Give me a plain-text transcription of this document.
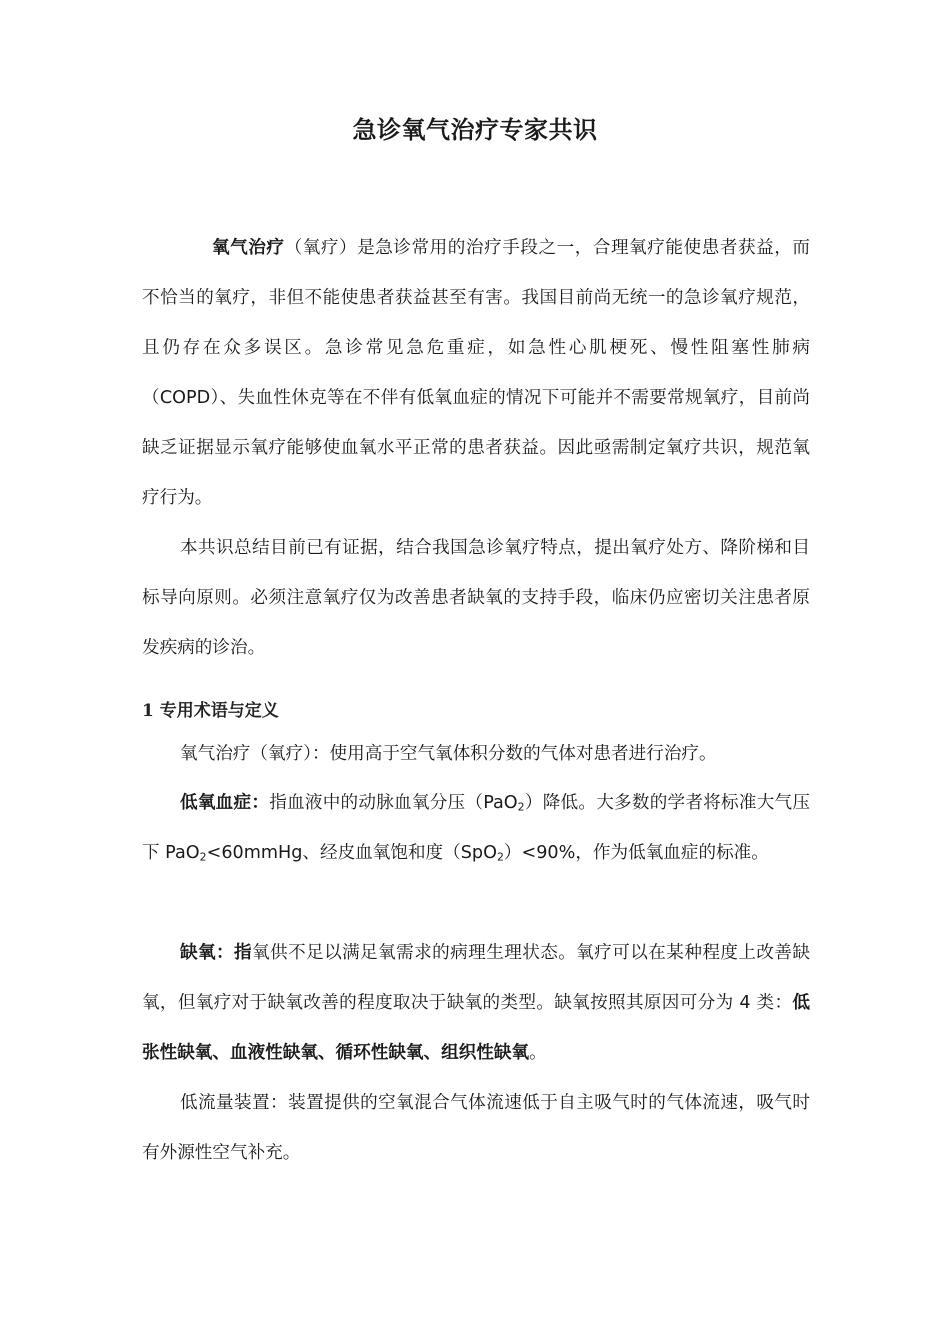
急诊氧气治疗专家共识

氧气治疗（氧疗）是急诊常用的治疗手段之一，合理氧疗能使患者获益，而不恰当的氧疗，非但不能使患者获益甚至有害。我国目前尚无统一的急诊氧疗规范，且仍存在众多误区。急诊常见急危重症，如急性心肌梗死、慢性阻塞性肺病（COPD）、失血性休克等在不伴有低氧血症的情况下可能并不需要常规氧疗，目前尚缺乏证据显示氧疗能够使血氧水平正常的患者获益。因此亟需制定氧疗共识，规范氧疗行为。

本共识总结目前已有证据，结合我国急诊氧疗特点，提出氧疗处方、降阶梯和目标导向原则。必须注意氧疗仅为改善患者缺氧的支持手段，临床仍应密切关注患者原发疾病的诊治。

1 专用术语与定义

氧气治疗（氧疗）：使用高于空气氧体积分数的气体对患者进行治疗。

低氧血症：指血液中的动脉血氧分压（PaO$_2$）降低。大多数的学者将标准大气压下 PaO$_2$<60mmHg、经皮血氧饱和度（SpO$_2$）<90%，作为低氧血症的标准。

缺氧：指氧供不足以满足氧需求的病理生理状态。氧疗可以在某种程度上改善缺氧，但氧疗对于缺氧改善的程度取决于缺氧的类型。缺氧按照其原因可分为 4 类：低张性缺氧、血液性缺氧、循环性缺氧、组织性缺氧。

低流量装置：装置提供的空氧混合气体流速低于自主吸气时的气体流速，吸气时有外源性空气补充。
